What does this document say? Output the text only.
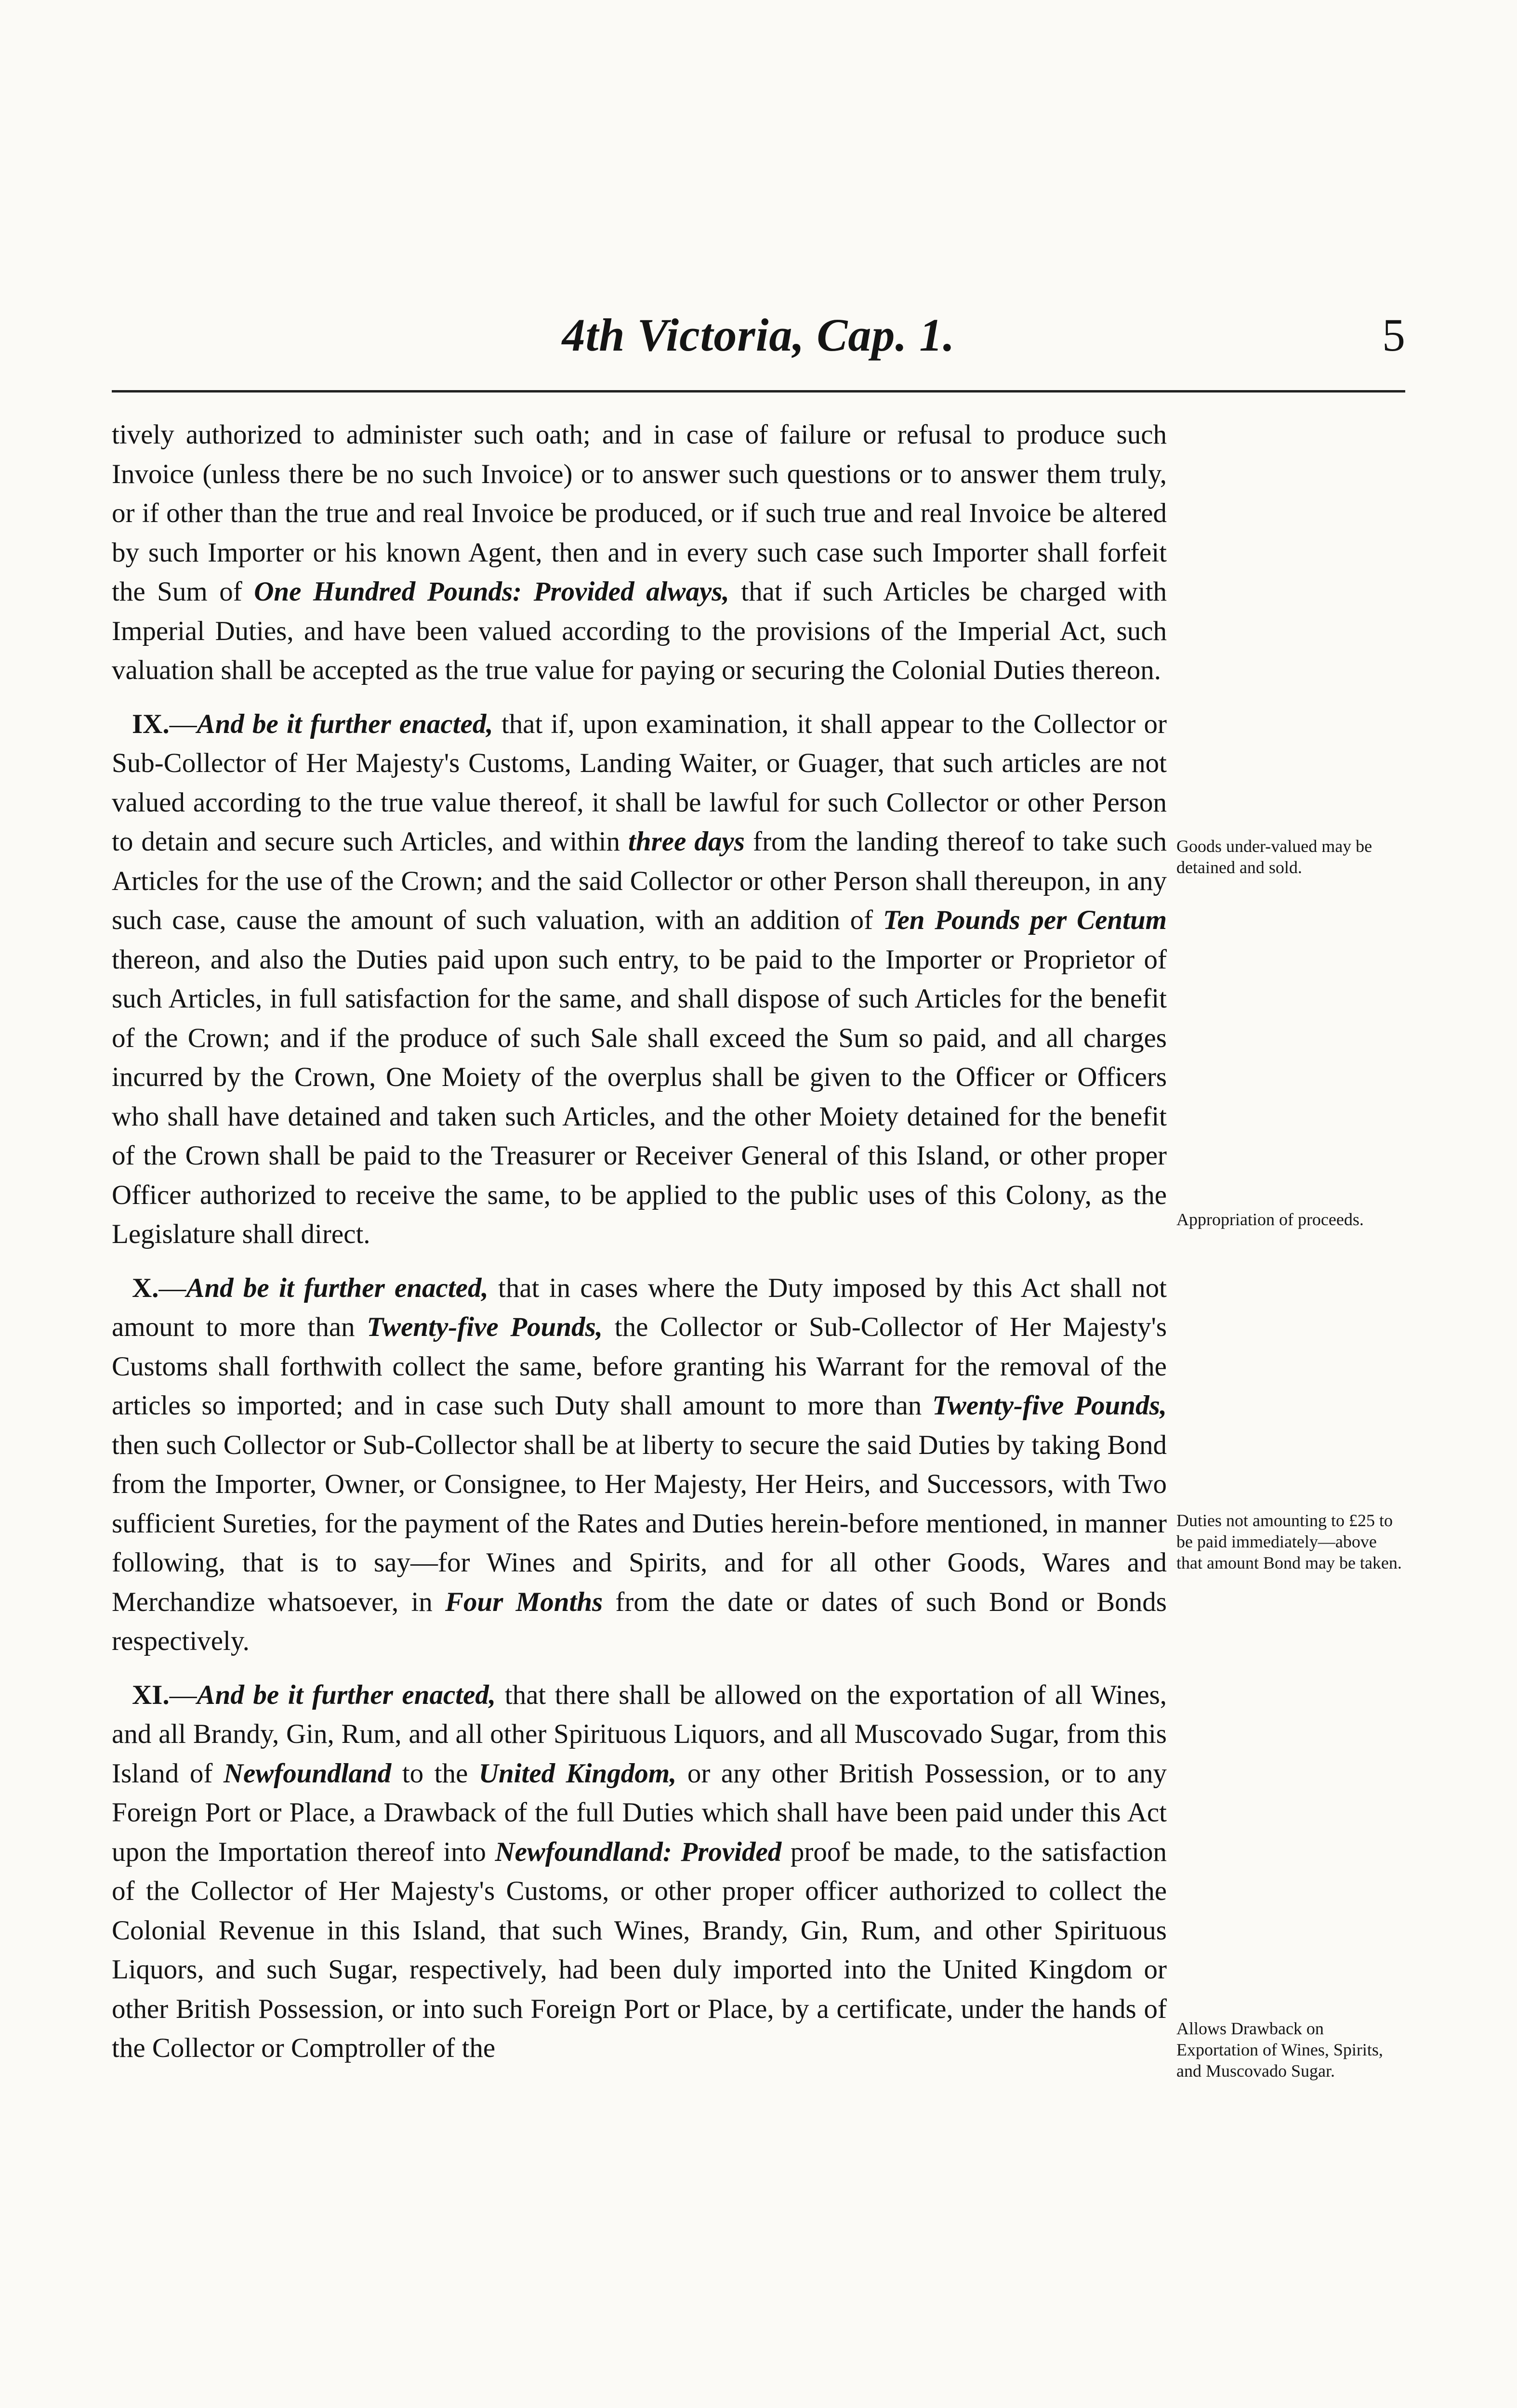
4th Victoria, Cap. 1.	5

tively authorized to administer such oath; and in case of failure or refusal to produce such Invoice (unless there be no such Invoice) or to answer such questions or to answer them truly, or if other than the true and real Invoice be produced, or if such true and real Invoice be altered by such Importer or his known Agent, then and in every such case such Importer shall forfeit the Sum of One Hundred Pounds: Provided always, that if such Articles be charged with Imperial Duties, and have been valued according to the provisions of the Imperial Act, such valuation shall be accepted as the true value for paying or securing the Colonial Duties thereon.

IX.—And be it further enacted, that if, upon examination, it shall appear to the Collector or Sub-Collector of Her Majesty's Customs, Landing Waiter, or Guager, that such articles are not valued according to the true value thereof, it shall be lawful for such Collector or other Person to detain and secure such Articles, and within three days from the landing thereof to take such Articles for the use of the Crown; and the said Collector or other Person shall thereupon, in any such case, cause the amount of such valuation, with an addition of Ten Pounds per Centum thereon, and also the Duties paid upon such entry, to be paid to the Importer or Proprietor of such Articles, in full satisfaction for the same, and shall dispose of such Articles for the benefit of the Crown; and if the produce of such Sale shall exceed the Sum so paid, and all charges incurred by the Crown, One Moiety of the overplus shall be given to the Officer or Officers who shall have detained and taken such Articles, and the other Moiety detained for the benefit of the Crown shall be paid to the Treasurer or Receiver General of this Island, or other proper Officer authorized to receive the same, to be applied to the public uses of this Colony, as the Legislature shall direct.

X.—And be it further enacted, that in cases where the Duty imposed by this Act shall not amount to more than Twenty-five Pounds, the Collector or Sub-Collector of Her Majesty's Customs shall forthwith collect the same, before granting his Warrant for the removal of the articles so imported; and in case such Duty shall amount to more than Twenty-five Pounds, then such Collector or Sub-Collector shall be at liberty to secure the said Duties by taking Bond from the Importer, Owner, or Consignee, to Her Majesty, Her Heirs, and Successors, with Two sufficient Sureties, for the payment of the Rates and Duties herein-before mentioned, in manner following, that is to say—for Wines and Spirits, and for all other Goods, Wares and Merchandize whatsoever, in Four Months from the date or dates of such Bond or Bonds respectively.

XI.—And be it further enacted, that there shall be allowed on the exportation of all Wines, and all Brandy, Gin, Rum, and all other Spirituous Liquors, and all Muscovado Sugar, from this Island of Newfoundland to the United Kingdom, or any other British Possession, or to any Foreign Port or Place, a Drawback of the full Duties which shall have been paid under this Act upon the Importation thereof into Newfoundland: Provided proof be made, to the satisfaction of the Collector of Her Majesty's Customs, or other proper officer authorized to collect the Colonial Revenue in this Island, that such Wines, Brandy, Gin, Rum, and other Spirituous Liquors, and such Sugar, respectively, had been duly imported into the United Kingdom or other British Possession, or into such Foreign Port or Place, by a certificate, under the hands of the Collector or Comptroller of the

Goods under-valued may be detained and sold.
Appropriation of proceeds.
Duties not amounting to £25 to be paid immediately—above that amount Bond may be taken.
Allows Drawback on Exportation of Wines, Spirits, and Muscovado Sugar.
